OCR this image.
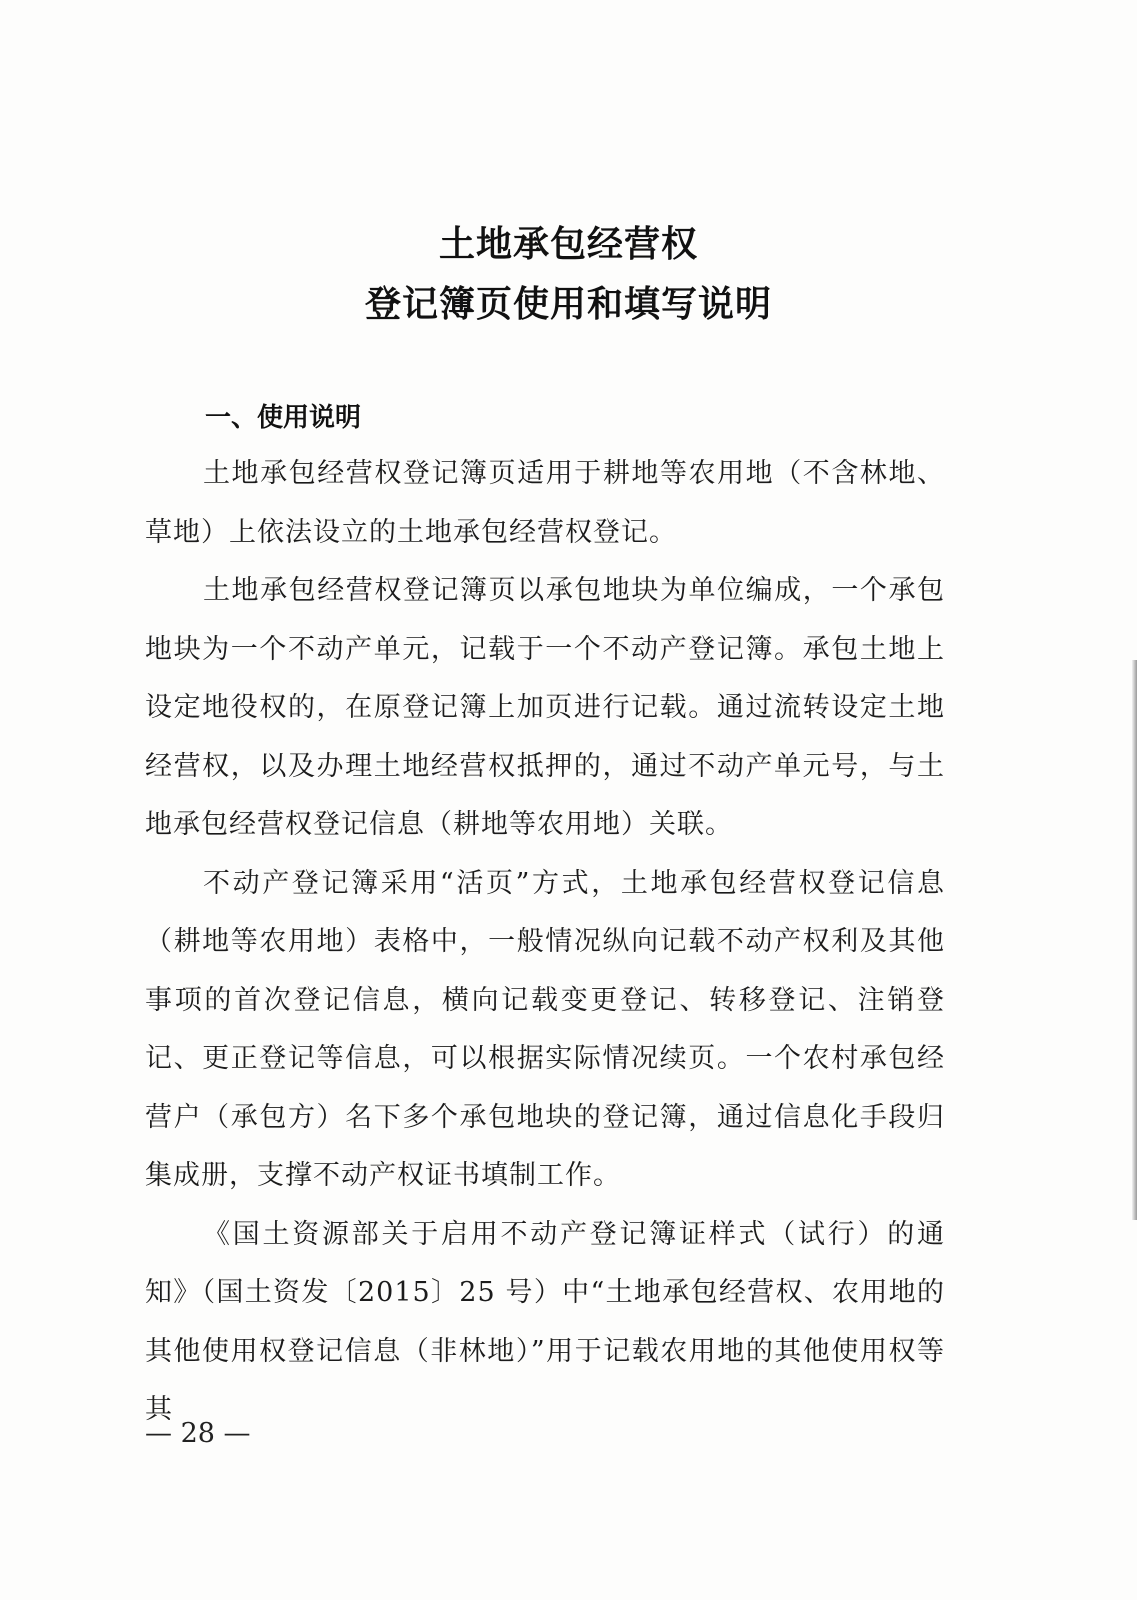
土地承包经营权
登记簿页使用和填写说明
一、使用说明

土地承包经营权登记簿页适用于耕地等农用地（不含林地、草地）上依法设立的土地承包经营权登记。

土地承包经营权登记簿页以承包地块为单位编成，一个承包地块为一个不动产单元，记载于一个不动产登记簿。承包土地上设定地役权的，在原登记簿上加页进行记载。通过流转设定土地经营权，以及办理土地经营权抵押的，通过不动产单元号，与土地承包经营权登记信息（耕地等农用地）关联。

不动产登记簿采用“活页”方式，土地承包经营权登记信息（耕地等农用地）表格中，一般情况纵向记载不动产权利及其他事项的首次登记信息，横向记载变更登记、转移登记、注销登记、更正登记等信息，可以根据实际情况续页。一个农村承包经营户（承包方）名下多个承包地块的登记簿，通过信息化手段归集成册，支撑不动产权证书填制工作。

《国土资源部关于启用不动产登记簿证样式（试行）的通知》（国土资发〔2015〕25 号）中“土地承包经营权、农用地的其他使用权登记信息（非林地）”用于记载农用地的其他使用权等其

— 28 —
